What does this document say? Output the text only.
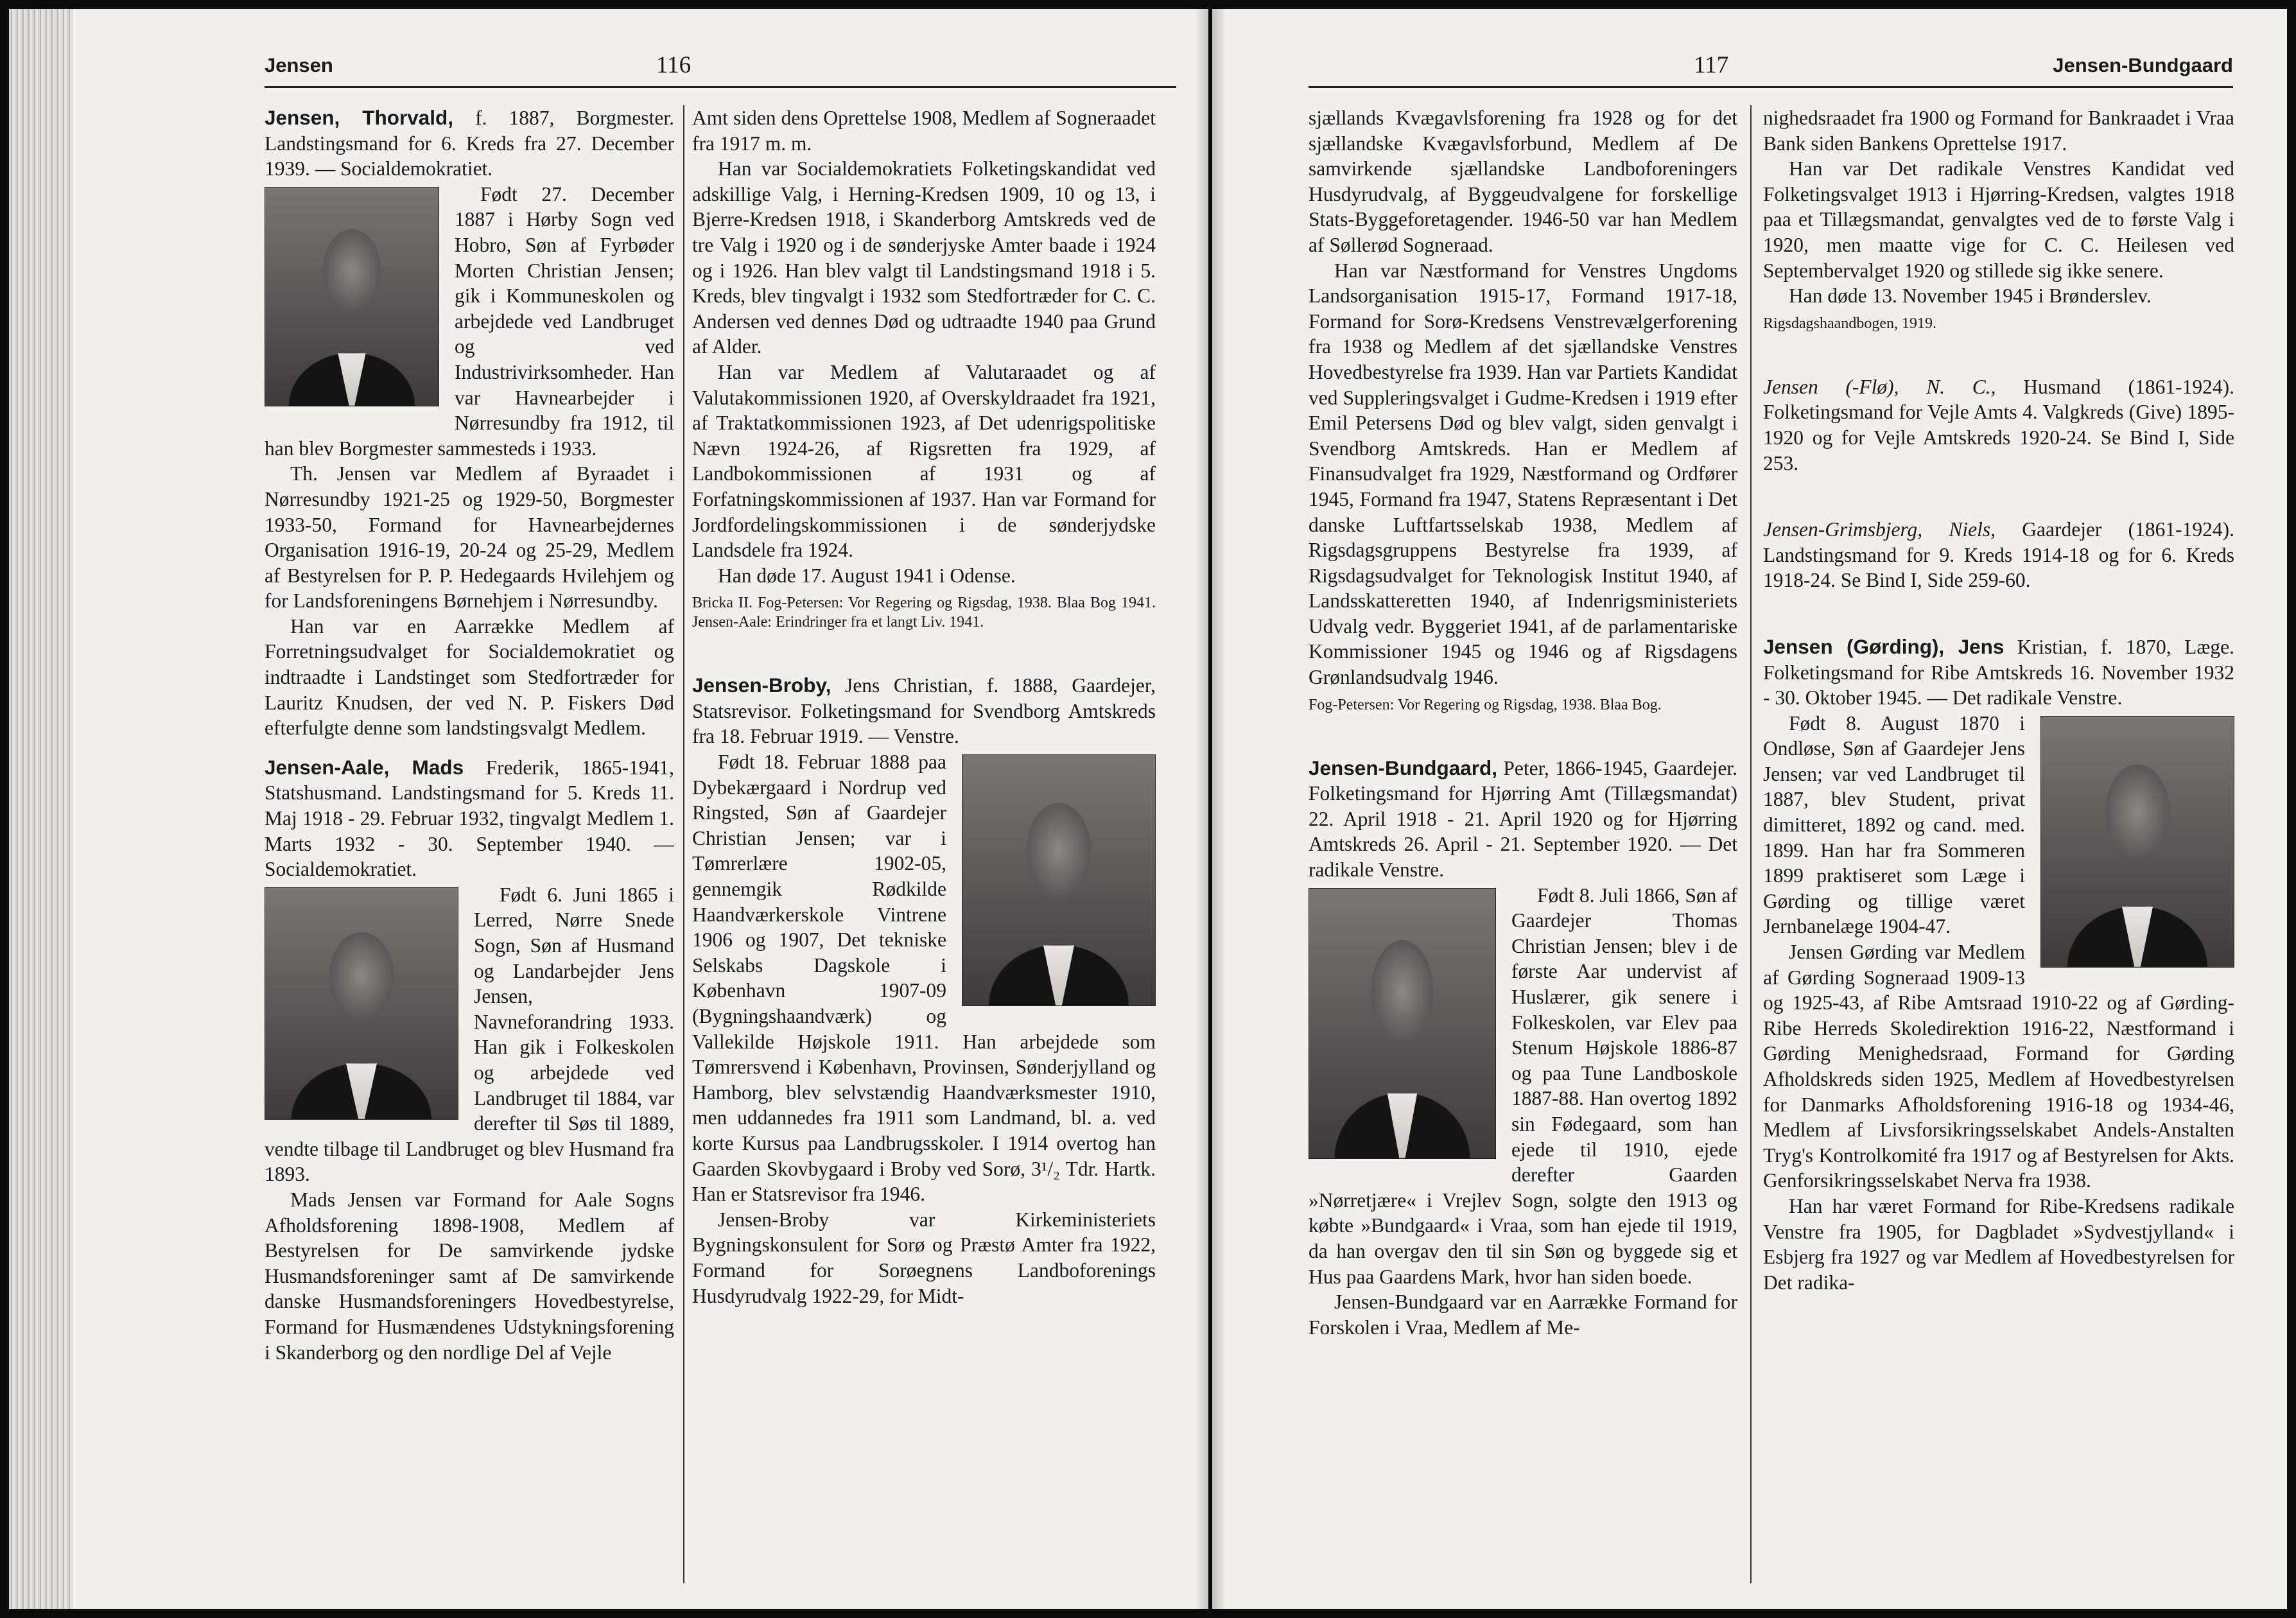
Jensen	116

Jensen, Thorvald, f. 1887, Borgmester. Landstingsmand for 6. Kreds fra 27. December 1939. — Socialdemokratiet.

Født 27. December 1887 i Hørby Sogn ved Hobro, Søn af Fyrbøder Morten Christian Jensen; gik i Kommuneskolen og arbejdede ved Landbruget og ved Industrivirksomheder. Han var Havnearbejder i Nørresundby fra 1912, til han blev Borgmester sammesteds i 1933.

Th. Jensen var Medlem af Byraadet i Nørresundby 1921-25 og 1929-50, Borgmester 1933-50, Formand for Havnearbejdernes Organisation 1916-19, 20-24 og 25-29, Medlem af Bestyrelsen for P. P. Hedegaards Hvilehjem og for Landsforeningens Børnehjem i Nørresundby.

Han var en Aarrække Medlem af Forretningsudvalget for Socialdemokratiet og indtraadte i Landstinget som Stedfortræder for Lauritz Knudsen, der ved N. P. Fiskers Død efterfulgte denne som landstingsvalgt Medlem.

Jensen-Aale, Mads Frederik, 1865-1941, Statshusmand. Landstingsmand for 5. Kreds 11. Maj 1918 - 29. Februar 1932, tingvalgt Medlem 1. Marts 1932 - 30. September 1940. — Socialdemokratiet.

Født 6. Juni 1865 i Lerred, Nørre Snede Sogn, Søn af Husmand og Landarbejder Jens Jensen, Navneforandring 1933. Han gik i Folkeskolen og arbejdede ved Landbruget til 1884, var derefter til Søs til 1889, vendte tilbage til Landbruget og blev Husmand fra 1893.

Mads Jensen var Formand for Aale Sogns Afholdsforening 1898-1908, Medlem af Bestyrelsen for De samvirkende jydske Husmandsforeninger samt af De samvirkende danske Husmandsforeningers Hovedbestyrelse, Formand for Husmændenes Udstykningsforening i Skanderborg og den nordlige Del af Vejle

Amt siden dens Oprettelse 1908, Medlem af Sogneraadet fra 1917 m. m.

Han var Socialdemokratiets Folketingskandidat ved adskillige Valg, i Herning-Kredsen 1909, 10 og 13, i Bjerre-Kredsen 1918, i Skanderborg Amtskreds ved de tre Valg i 1920 og i de sønderjyske Amter baade i 1924 og i 1926. Han blev valgt til Landstingsmand 1918 i 5. Kreds, blev tingvalgt i 1932 som Stedfortræder for C. C. Andersen ved dennes Død og udtraadte 1940 paa Grund af Alder.

Han var Medlem af Valutaraadet og af Valutakommissionen 1920, af Overskyldraadet fra 1921, af Traktatkommissionen 1923, af Det udenrigspolitiske Nævn 1924-26, af Rigsretten fra 1929, af Landbokommissionen af 1931 og af Forfatningskommissionen af 1937. Han var Formand for Jordfordelingskommissionen i de sønderjydske Landsdele fra 1924.

Han døde 17. August 1941 i Odense.

Bricka II. Fog-Petersen: Vor Regering og Rigsdag, 1938. Blaa Bog 1941. Jensen-Aale: Erindringer fra et langt Liv. 1941.

Jensen-Broby, Jens Christian, f. 1888, Gaardejer, Statsrevisor. Folketingsmand for Svendborg Amtskreds fra 18. Februar 1919. — Venstre.

Født 18. Februar 1888 paa Dybekærgaard i Nordrup ved Ringsted, Søn af Gaardejer Christian Jensen; var i Tømrerlære 1902-05, gennemgik Rødkilde Haandværkerskole Vintrene 1906 og 1907, Det tekniske Selskabs Dagskole i København 1907-09 (Bygningshaandværk) og Vallekilde Højskole 1911. Han arbejdede som Tømrersvend i København, Provinsen, Sønderjylland og Hamborg, blev selvstændig Haandværksmester 1910, men uddannedes fra 1911 som Landmand, bl. a. ved korte Kursus paa Landbrugsskoler. I 1914 overtog han Gaarden Skovbygaard i Broby ved Sorø, 3¹/₂ Tdr. Hartk. Han er Statsrevisor fra 1946.

Jensen-Broby var Kirkeministeriets Bygningskonsulent for Sorø og Præstø Amter fra 1922, Formand for Sorøegnens Landboforenings Husdyrudvalg 1922-29, for Midt-

117	Jensen-Bundgaard

sjællands Kvægavlsforening fra 1928 og for det sjællandske Kvægavlsforbund, Medlem af De samvirkende sjællandske Landboforeningers Husdyrudvalg, af Byggeudvalgene for forskellige Stats-Byggeforetagender. 1946-50 var han Medlem af Søllerød Sogneraad.

Han var Næstformand for Venstres Ungdoms Landsorganisation 1915-17, Formand 1917-18, Formand for Sorø-Kredsens Venstrevælgerforening fra 1938 og Medlem af det sjællandske Venstres Hovedbestyrelse fra 1939. Han var Partiets Kandidat ved Suppleringsvalget i Gudme-Kredsen i 1919 efter Emil Petersens Død og blev valgt, siden genvalgt i Svendborg Amtskreds. Han er Medlem af Finansudvalget fra 1929, Næstformand og Ordfører 1945, Formand fra 1947, Statens Repræsentant i Det danske Luftfartsselskab 1938, Medlem af Rigsdagsgruppens Bestyrelse fra 1939, af Rigsdagsudvalget for Teknologisk Institut 1940, af Landsskatteretten 1940, af Indenrigsministeriets Udvalg vedr. Byggeriet 1941, af de parlamentariske Kommissioner 1945 og 1946 og af Rigsdagens Grønlandsudvalg 1946.

Fog-Petersen: Vor Regering og Rigsdag, 1938. Blaa Bog.

Jensen-Bundgaard, Peter, 1866-1945, Gaardejer. Folketingsmand for Hjørring Amt (Tillægsmandat) 22. April 1918 - 21. April 1920 og for Hjørring Amtskreds 26. April - 21. September 1920. — Det radikale Venstre.

Født 8. Juli 1866, Søn af Gaardejer Thomas Christian Jensen; blev i de første Aar undervist af Huslærer, gik senere i Folkeskolen, var Elev paa Stenum Højskole 1886-87 og paa Tune Landboskole 1887-88. Han overtog 1892 sin Fødegaard, som han ejede til 1910, ejede derefter Gaarden »Nørretjære« i Vrejlev Sogn, solgte den 1913 og købte »Bundgaard« i Vraa, som han ejede til 1919, da han overgav den til sin Søn og byggede sig et Hus paa Gaardens Mark, hvor han siden boede.

Jensen-Bundgaard var en Aarrække Formand for Forskolen i Vraa, Medlem af Me-

nighedsraadet fra 1900 og Formand for Bankraadet i Vraa Bank siden Bankens Oprettelse 1917.

Han var Det radikale Venstres Kandidat ved Folketingsvalget 1913 i Hjørring-Kredsen, valgtes 1918 paa et Tillægsmandat, genvalgtes ved de to første Valg i 1920, men maatte vige for C. C. Heilesen ved Septembervalget 1920 og stillede sig ikke senere.

Han døde 13. November 1945 i Brønderslev.

Rigsdagshaandbogen, 1919.

Jensen (-Flø), N. C., Husmand (1861-1924). Folketingsmand for Vejle Amts 4. Valgkreds (Give) 1895-1920 og for Vejle Amtskreds 1920-24. Se Bind I, Side 253.

Jensen-Grimsbjerg, Niels, Gaardejer (1861-1924). Landstingsmand for 9. Kreds 1914-18 og for 6. Kreds 1918-24. Se Bind I, Side 259-60.

Jensen (Gørding), Jens Kristian, f. 1870, Læge. Folketingsmand for Ribe Amtskreds 16. November 1932 - 30. Oktober 1945. — Det radikale Venstre.

Født 8. August 1870 i Ondløse, Søn af Gaardejer Jens Jensen; var ved Landbruget til 1887, blev Student, privat dimitteret, 1892 og cand. med. 1899. Han har fra Sommeren 1899 praktiseret som Læge i Gørding og tillige været Jernbanelæge 1904-47.

Jensen Gørding var Medlem af Gørding Sogneraad 1909-13 og 1925-43, af Ribe Amtsraad 1910-22 og af Gørding-Ribe Herreds Skoledirektion 1916-22, Næstformand i Gørding Menighedsraad, Formand for Gørding Afholdskreds siden 1925, Medlem af Hovedbestyrelsen for Danmarks Afholdsforening 1916-18 og 1934-46, Medlem af Livsforsikringsselskabet Andels-Anstalten Tryg's Kontrolkomité fra 1917 og af Bestyrelsen for Akts. Genforsikringsselskabet Nerva fra 1938.

Han har været Formand for Ribe-Kredsens radikale Venstre fra 1905, for Dagbladet »Sydvestjylland« i Esbjerg fra 1927 og var Medlem af Hovedbestyrelsen for Det radika-
